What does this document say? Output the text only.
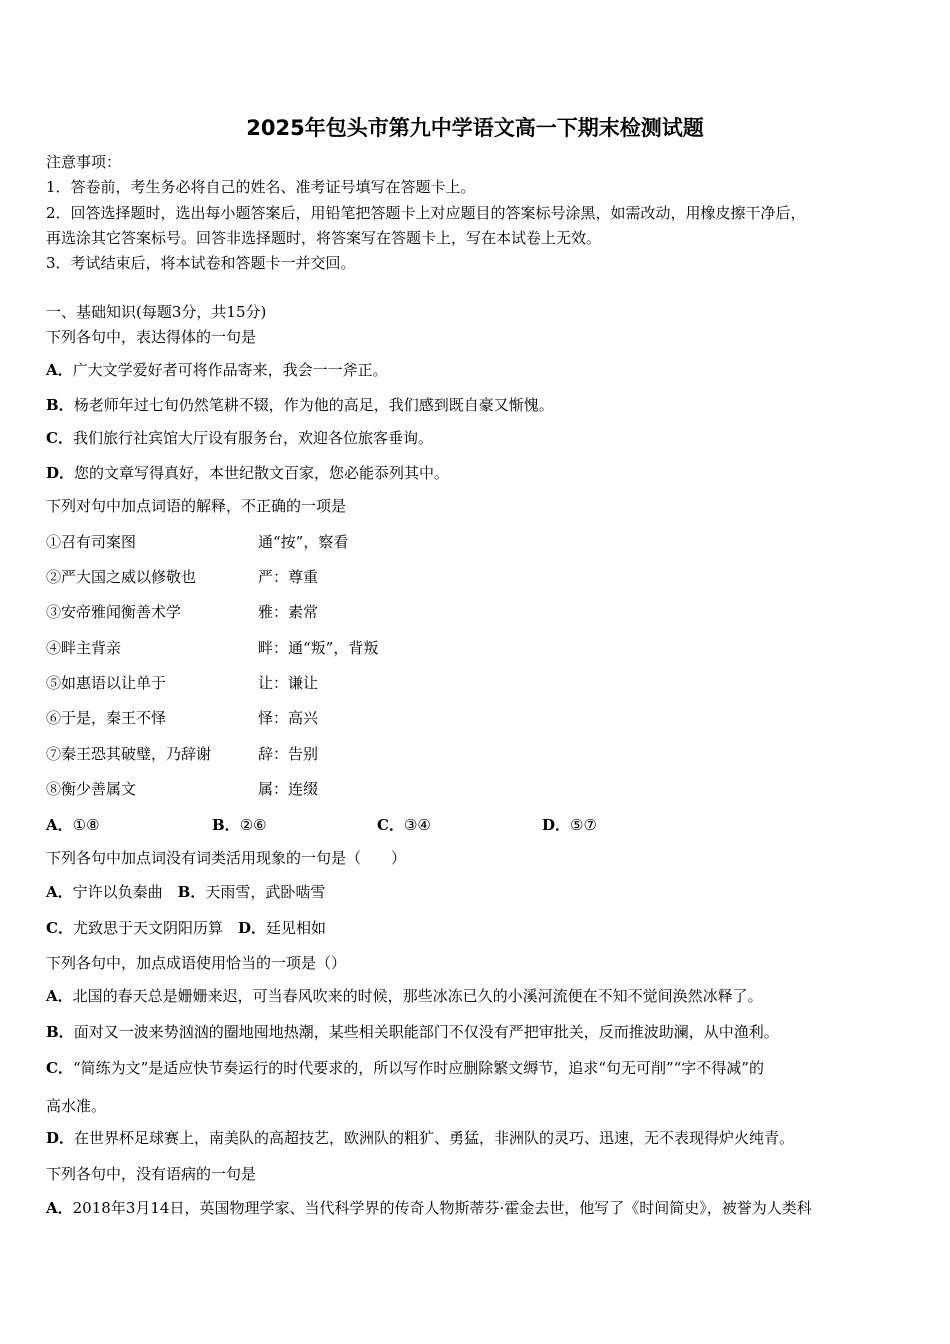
2025年包头市第九中学语文高一下期末检测试题
注意事项：
1．答卷前，考生务必将自己的姓名、准考证号填写在答题卡上。
2．回答选择题时，选出每小题答案后，用铅笔把答题卡上对应题目的答案标号涂黑，如需改动，用橡皮擦干净后，
再选涂其它答案标号。回答非选择题时，将答案写在答题卡上，写在本试卷上无效。
3．考试结束后，将本试卷和答题卡一并交回。
一、基础知识(每题3分，共15分)
下列各句中，表达得体的一句是
A．广大文学爱好者可将作品寄来，我会一一斧正。
B．杨老师年过七旬仍然笔耕不辍，作为他的高足，我们感到既自豪又惭愧。
C．我们旅行社宾馆大厅设有服务台，欢迎各位旅客垂询。
D．您的文章写得真好，本世纪散文百家，您必能忝列其中。
下列对句中加点词语的解释，不正确的一项是
①召有司案图	通“按”，察看
②严大国之威以修敬也	严：尊重
③安帝雅闻衡善术学	雅：素常
④畔主背亲	畔：通“叛”，背叛
⑤如惠语以让单于	让：谦让
⑥于是，秦王不怿	怿：高兴
⑦秦王恐其破璧，乃辞谢	辞：告别
⑧衡少善属文	属：连缀
A．①⑧	B．②⑥	C．③④	D．⑤⑦
下列各句中加点词没有词类活用现象的一句是（　　）
A．宁许以负秦曲　 B．天雨雪，武卧啮雪
C．尤致思于天文阴阳历算　 D．廷见相如
下列各句中，加点成语使用恰当的一项是（）
A．北国的春天总是姗姗来迟，可当春风吹来的时候，那些冰冻已久的小溪河流便在不知不觉间涣然冰释了。
B．面对又一波来势汹汹的圈地囤地热潮，某些相关职能部门不仅没有严把审批关，反而推波助澜，从中渔利。
C．“简练为文”是适应快节奏运行的时代要求的，所以写作时应删除繁文缛节，追求“句无可削”“字不得减”的
高水准。
D．在世界杯足球赛上，南美队的高超技艺，欧洲队的粗犷、勇猛，非洲队的灵巧、迅速，无不表现得炉火纯青。
下列各句中，没有语病的一句是
A．2018年3月14日，英国物理学家、当代科学界的传奇人物斯蒂芬·霍金去世，他写了《时间简史》，被誉为人类科
